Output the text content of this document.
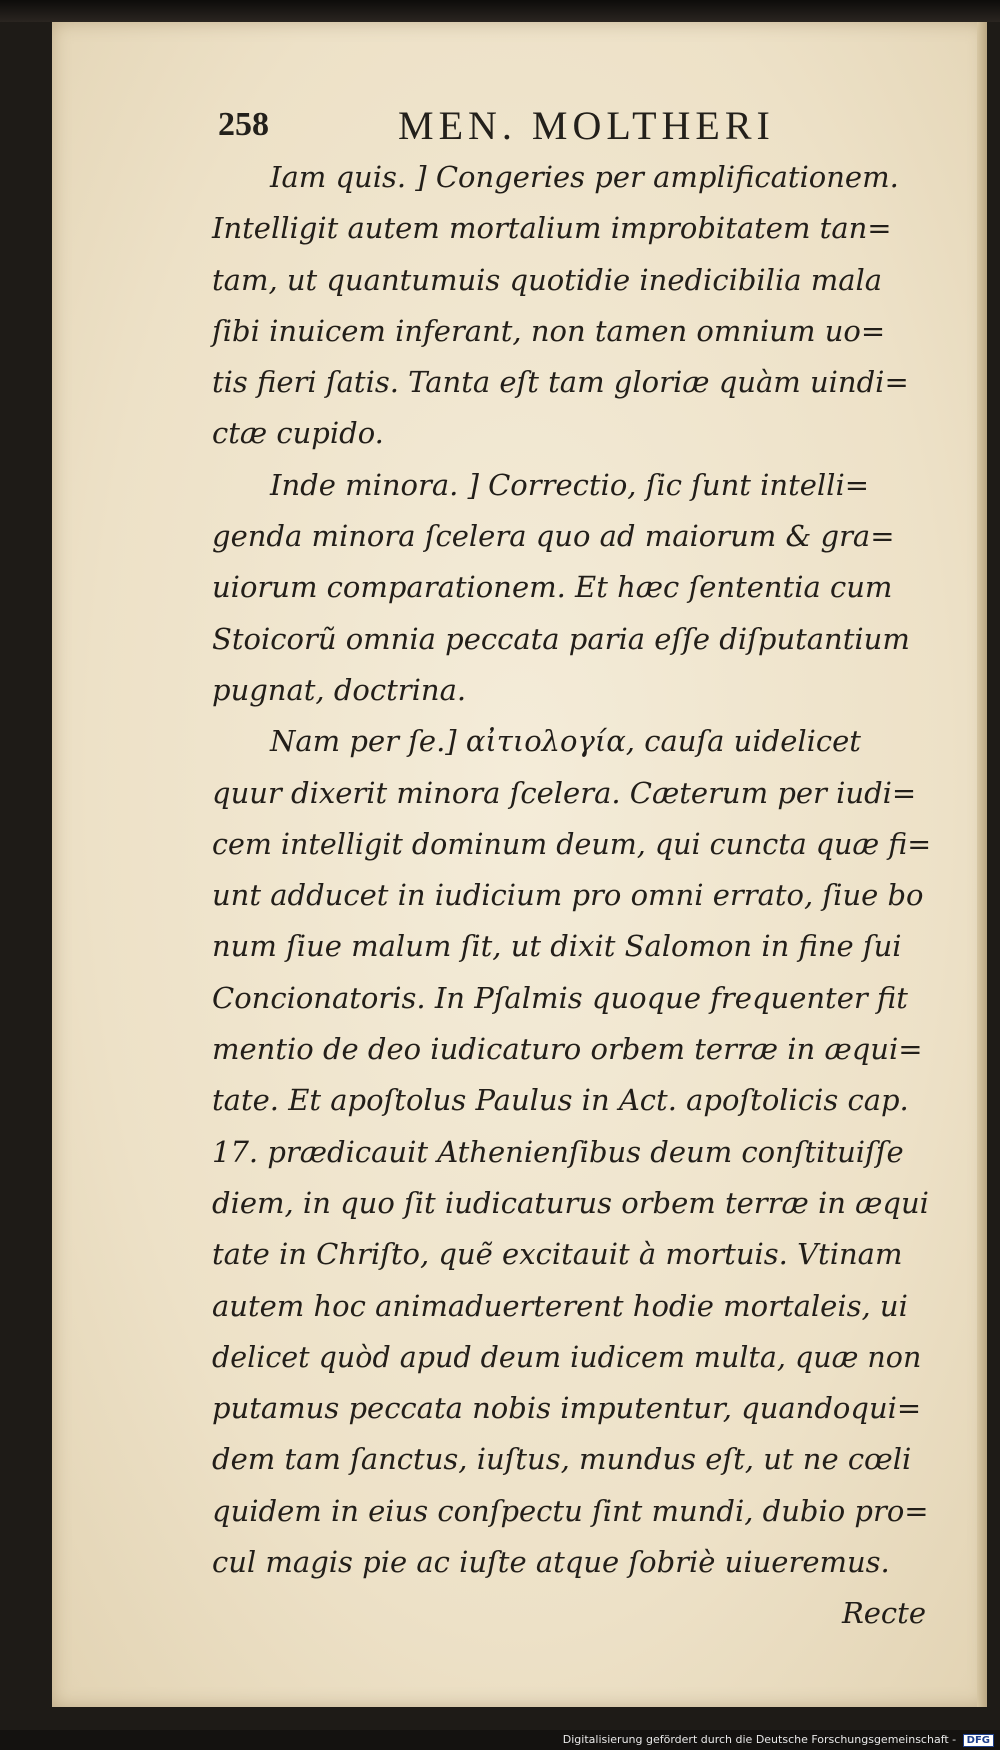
258	MEN. MOLTHERI
Iam quis. ] Congeries per amplificationem.
Intelligit autem mortalium improbitatem tan=
tam, ut quantumuis quotidie inedicibilia mala
ſibi inuicem inferant, non tamen omnium uo=
tis fieri ſatis. Tanta eſt tam gloriæ quàm uindi=
ctæ cupido.
Inde minora. ] Correctio, ſic ſunt intelli=
genda minora ſcelera quo ad maiorum & gra=
uiorum comparationem. Et hæc ſententia cum
Stoicorũ omnia peccata paria eſſe diſputantium
pugnat, doctrina.
Nam per ſe.] αἰτιολογία, cauſa uidelicet
quur dixerit minora ſcelera. Cæterum per iudi=
cem intelligit dominum deum, qui cuncta quæ fi=
unt adducet in iudicium pro omni errato, ſiue bo
num ſiue malum ſit, ut dixit Salomon in fine ſui
Concionatoris. In Pſalmis quoque frequenter fit
mentio de deo iudicaturo orbem terræ in æqui=
tate. Et apoſtolus Paulus in Act. apoſtolicis cap.
17. prædicauit Athenienſibus deum conſtituiſſe
diem, in quo ſit iudicaturus orbem terræ in æqui
tate in Chriſto, quẽ excitauit à mortuis. Vtinam
autem hoc animaduerterent hodie mortaleis, ui
delicet quòd apud deum iudicem multa, quæ non
putamus peccata nobis imputentur, quandoqui=
dem tam ſanctus, iuſtus, mundus eſt, ut ne cœli
quidem in eius conſpectu ſint mundi, dubio pro=
cul magis pie ac iuſte atque ſobriè uiueremus.
Recte
Digitalisierung gefördert durch die Deutsche Forschungsgemeinschaft - DFG
